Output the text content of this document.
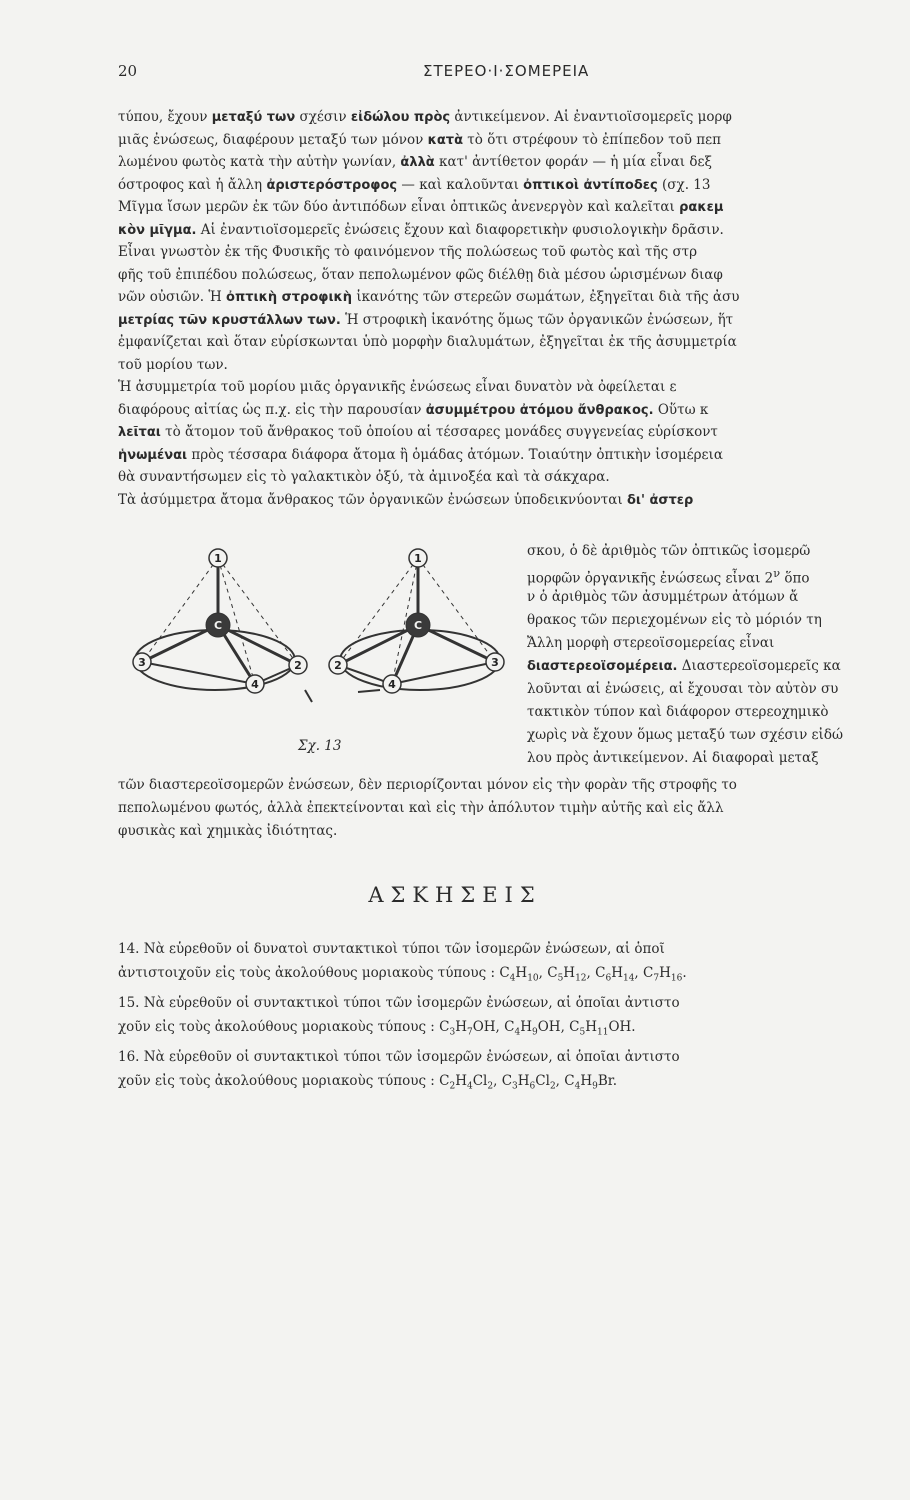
20	ΣΤΕΡΕΟ·Ι·ΣΟΜΕΡΕΙΑ
C
1
2
3
4
C
1
2	3
4
Σχ. 13
ΑΣΚΗΣΕΙΣ
τύπου, ἔχουν μεταξύ των σχέσιν εἰδώλου πρὸς ἀντικείμενον. Αἱ ἐναντιοϊσομερεῖς μορφ
μιᾶς ἐνώσεως, διαφέρουν μεταξύ των μόνον κατὰ τὸ ὅτι στρέφουν τὸ ἐπίπεδον τοῦ πεπ
λωμένου φωτὸς κατὰ τὴν αὐτὴν γωνίαν, ἀλλὰ κατ' ἀντίθετον φοράν — ἡ μία εἶναι δεξ
όστροφος καὶ ἡ ἄλλη ἀριστερόστροφος — καὶ καλοῦνται ὀπτικοὶ ἀντίποδες (σχ. 13
Μῖγμα ἴσων μερῶν ἐκ τῶν δύο ἀντιπόδων εἶναι ὀπτικῶς ἀνενεργὸν καὶ καλεῖται ρακεμ
κὸν μῖγμα. Αἱ ἐναντιοϊσομερεῖς ἐνώσεις ἔχουν καὶ διαφορετικὴν φυσιολογικὴν δρᾶσιν.
Εἶναι γνωστὸν ἐκ τῆς Φυσικῆς τὸ φαινόμενον τῆς πολώσεως τοῦ φωτὸς καὶ τῆς στρ
φῆς τοῦ ἐπιπέδου πολώσεως, ὅταν πεπολωμένον φῶς διέλθῃ διὰ μέσου ὡρισμένων διαφ
νῶν οὐσιῶν. Ἡ ὀπτικὴ στροφικὴ ἱκανότης τῶν στερεῶν σωμάτων, ἐξηγεῖται διὰ τῆς ἀσυ
μετρίας τῶν κρυστάλλων των. Ἡ στροφικὴ ἱκανότης ὅμως τῶν ὀργανικῶν ἐνώσεων, ἥτ
ἐμφανίζεται καὶ ὅταν εὑρίσκωνται ὑπὸ μορφὴν διαλυμάτων, ἐξηγεῖται ἐκ τῆς ἀσυμμετρία
τοῦ μορίου των.
Ἡ ἀσυμμετρία τοῦ μορίου μιᾶς ὀργανικῆς ἐνώσεως εἶναι δυνατὸν νὰ ὀφείλεται ε
διαφόρους αἰτίας ὡς π.χ. εἰς τὴν παρουσίαν ἀσυμμέτρου ἀτόμου ἄνθρακος. Οὕτω κ
λεῖται τὸ ἄτομον τοῦ ἄνθρακος τοῦ ὁποίου αἱ τέσσαρες μονάδες συγγενείας εὑρίσκοντ
ἡνωμέναι πρὸς τέσσαρα διάφορα ἄτομα ἢ ὁμάδας ἀτόμων. Τοιαύτην ὀπτικὴν ἰσομέρεια
θὰ συναντήσωμεν εἰς τὸ γαλακτικὸν ὀξύ, τὰ ἀμινοξέα καὶ τὰ σάκχαρα.
Τὰ ἀσύμμετρα ἄτομα ἄνθρακος τῶν ὀργανικῶν ἐνώσεων ὑποδεικνύονται δι' ἀστερ
σκου, ὁ δὲ ἀριθμὸς τῶν ὀπτικῶς ἰσομερῶ
μορφῶν ὀργανικῆς ἐνώσεως εἶναι $2^\nu$ ὅπο
ν ὁ ἀριθμὸς τῶν ἀσυμμέτρων ἀτόμων ἄ
θρακος τῶν περιεχομένων εἰς τὸ μόριόν τη
Ἄλλη μορφὴ στερεοϊσομερείας εἶναι
διαστερεοϊσομέρεια. Διαστερεοϊσομερεῖς κα
λοῦνται αἱ ἐνώσεις, αἱ ἔχουσαι τὸν αὐτὸν συ
τακτικὸν τύπον καὶ διάφορον στερεοχημικὸ
χωρὶς νὰ ἔχουν ὅμως μεταξύ των σχέσιν εἰδώ
λου πρὸς ἀντικείμενον. Αἱ διαφοραὶ μεταξ
τῶν διαστερεοϊσομερῶν ἐνώσεων, δὲν περιορίζονται μόνον εἰς τὴν φορὰν τῆς στροφῆς το
πεπολωμένου φωτός, ἀλλὰ ἐπεκτείνονται καὶ εἰς τὴν ἀπόλυτον τιμὴν αὐτῆς καὶ εἰς ἄλλ
φυσικὰς καὶ χημικὰς ἰδιότητας.
14. Νὰ εὑρεθοῦν οἱ δυνατοὶ συντακτικοὶ τύποι τῶν ἰσομερῶν ἐνώσεων, αἱ ὁποῖ
ἀντιστοιχοῦν εἰς τοὺς ἀκολούθους μοριακοὺς τύπους : $C_4H_{10}$, $C_5H_{12}$, $C_6H_{14}$, $C_7H_{16}$.
15. Νὰ εὑρεθοῦν οἱ συντακτικοὶ τύποι τῶν ἰσομερῶν ἐνώσεων, αἱ ὁποῖαι ἀντιστο
χοῦν εἰς τοὺς ἀκολούθους μοριακοὺς τύπους : $C_3H_7OH$, $C_4H_9OH$, $C_5H_{11}OH$.
16. Νὰ εὑρεθοῦν οἱ συντακτικοὶ τύποι τῶν ἰσομερῶν ἐνώσεων, αἱ ὁποῖαι ἀντιστο
χοῦν εἰς τοὺς ἀκολούθους μοριακοὺς τύπους : $C_2H_4Cl_2$, $C_3H_6Cl_2$, $C_4H_9Br$.
